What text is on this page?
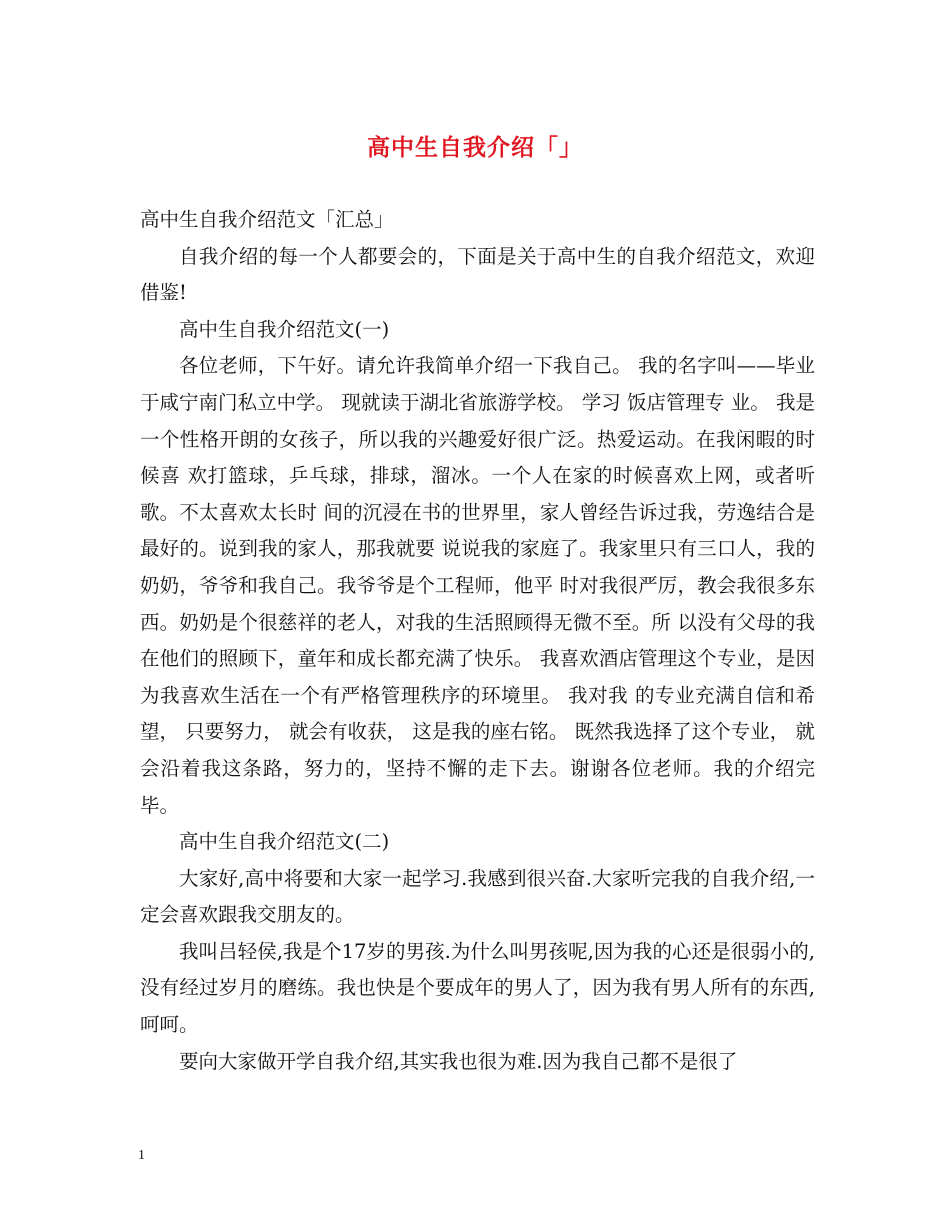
高中生自我介绍「」

高中生自我介绍范文「汇总」

自我介绍的每一个人都要会的，下面是关于高中生的自我介绍范文，欢迎借鉴!

高中生自我介绍范文(一)

各位老师，下午好。请允许我简单介绍一下我自己。 我的名字叫——毕业于咸宁南门私立中学。 现就读于湖北省旅游学校。 学习 饭店管理专 业。 我是一个性格开朗的女孩子，所以我的兴趣爱好很广泛。热爱运动。在我闲暇的时候喜 欢打篮球，乒乓球，排球，溜冰。一个人在家的时候喜欢上网，或者听歌。不太喜欢太长时 间的沉浸在书的世界里，家人曾经告诉过我，劳逸结合是最好的。说到我的家人，那我就要 说说我的家庭了。我家里只有三口人，我的奶奶，爷爷和我自己。我爷爷是个工程师，他平 时对我很严厉，教会我很多东西。奶奶是个很慈祥的老人，对我的生活照顾得无微不至。所 以没有父母的我在他们的照顾下，童年和成长都充满了快乐。 我喜欢酒店管理这个专业，是因为我喜欢生活在一个有严格管理秩序的环境里。 我对我 的专业充满自信和希望， 只要努力， 就会有收获， 这是我的座右铭。 既然我选择了这个专业， 就会沿着我这条路，努力的，坚持不懈的走下去。谢谢各位老师。我的介绍完毕。

高中生自我介绍范文(二)

大家好,高中将要和大家一起学习.我感到很兴奋.大家听完我的自我介绍,一定会喜欢跟我交朋友的。

我叫吕轻侯,我是个17岁的男孩.为什么叫男孩呢,因为我的心还是很弱小的,没有经过岁月的磨练。我也快是个要成年的男人了，因为我有男人所有的东西,呵呵。

要向大家做开学自我介绍,其实我也很为难.因为我自己都不是很了

1
